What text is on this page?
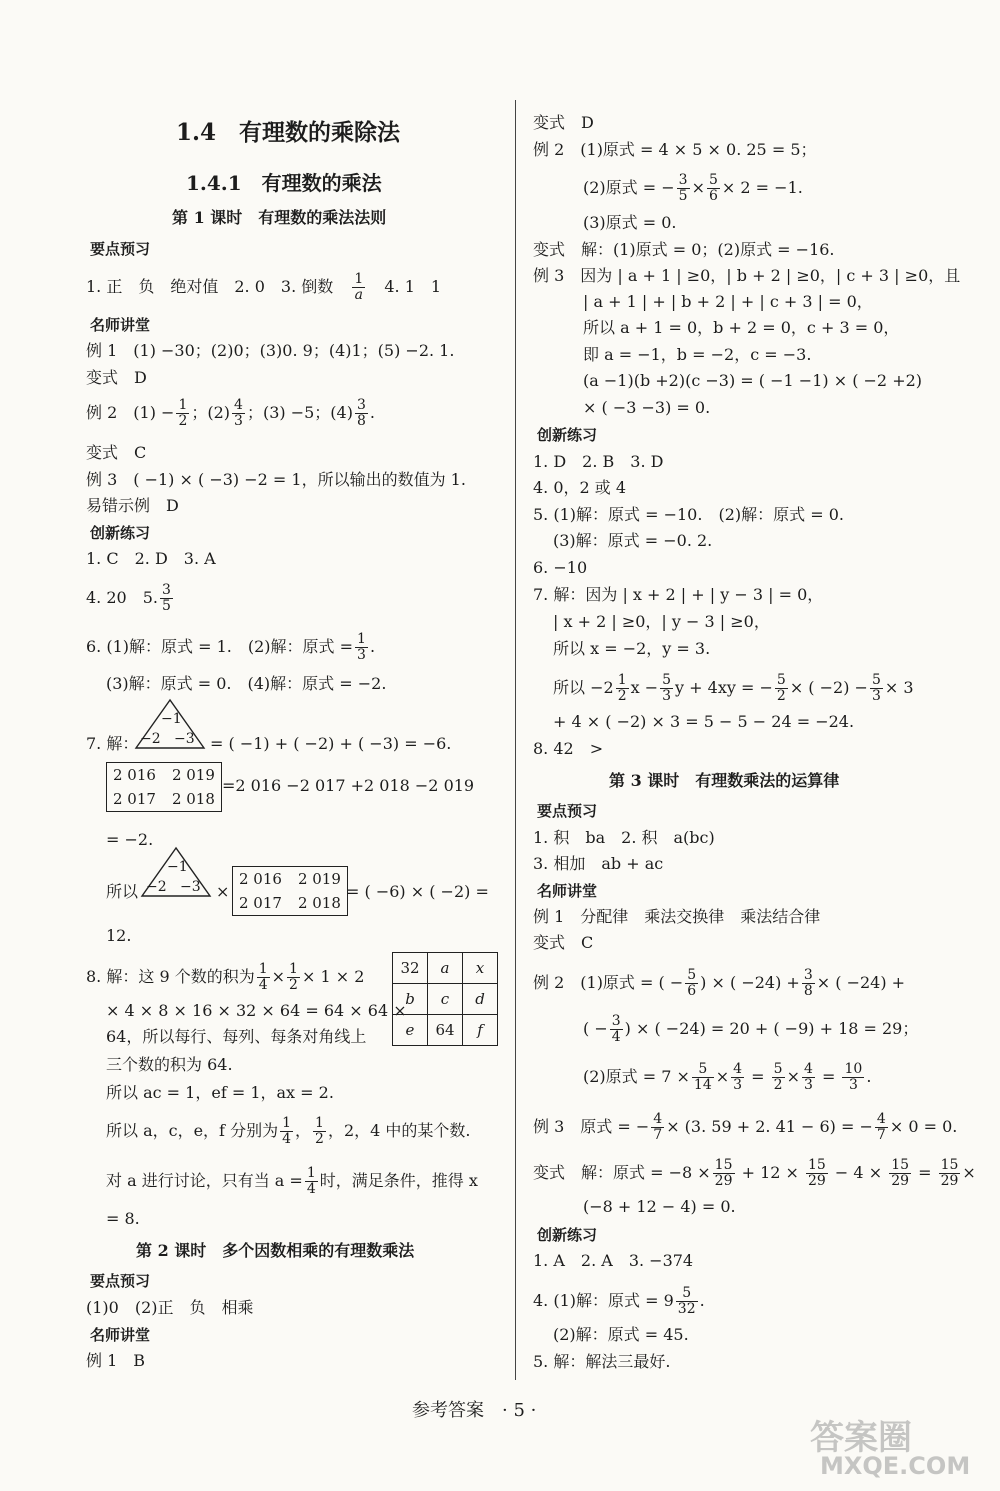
1.4　有理数的乘除法
1.4.1　有理数的乘法
第 1 课时　有理数的乘法法则
要点预习
1. 正　负　绝对值　2. 0　3. 倒数 $\frac{1}{a} 4$. 1　1
名师讲堂
例 1　(1) −30；(2)0；(3)0. 9；(4)1；(5) −2. 1.
变式　D
例 2　$(1) - \frac{1}{2}$ ；$(2) \frac{4}{3}$ ；(3) −5；$(4) \frac{3}{8}$ .
变式　C
例 3　( −1) × ( −3) −2 = 1，所以输出的数值为 1.
易错示例　D
创新练习
1. C　2. D　3. A
4. 20　5. $\frac{3}{5}$
6. (1)解：原式 = 1.　(2)解：原式 = $\frac{1}{3}$ .
(3)解：原式 = 0.　(4)解：原式 = −2.
7. 解：
−1
−2 −3 = ( −1) + ( −2) + ( −3) = −6.
2 016 2 019
2 017 2 018
=2 016 −2 017 +2 018 −2 019
= −2.
所以
−1
−2 −3 ×
2 016 2 019
2 017 2 018
= ( −6) × ( −2) =
12.
8. 解：这 9 个数的积为 $\frac{1}{4} \times \frac{1}{2} \times 1 \times 2$
× 4 × 8 × 16 × 32 × 64 = 64 × 64 ×
64，所以每行、每列、每条对角线上
三个数的积为 64.
所以 ac = 1，ef = 1，ax = 2.
所以 a，c，e，f 分别为 $\frac{1}{4}$ ， $\frac{1}{2}$ ，2，4 中的某个数.
对 a 进行讨论，只有当 $a = \frac{1}{4}$ 时，满足条件，推得 x
= 8.
32	a	x
b	c	d
e	64	f
第 2 课时　多个因数相乘的有理数乘法
要点预习
(1)0　(2)正　负　相乘
名师讲堂
例 1　B
变式　D
例 2　(1)原式 = 4 × 5 × 0. 25 = 5；
(2)原式 = − $\frac{3}{5} \times \frac{5}{6} \times 2 = -1$.
(3)原式 = 0.
变式　解：(1)原式 = 0；(2)原式 = −16.
例 3　因为 | a + 1 | ≥0，| b + 2 | ≥0，| c + 3 | ≥0，且
| a + 1 | + | b + 2 | + | c + 3 | = 0，
所以 a + 1 = 0，b + 2 = 0，c + 3 = 0，
即 a = −1，b = −2，c = −3.
(a −1)(b +2)(c −3) = ( −1 −1) × ( −2 +2)
× ( −3 −3) = 0.
创新练习
1. D　2. B　3. D
4. 0，2 或 4
5. (1)解：原式 = −10.　(2)解：原式 = 0.
(3)解：原式 = −0. 2.
6. −10
7. 解：因为 | x + 2 | + | y − 3 | = 0，
| x + 2 | ≥0，| y − 3 | ≥0，
所以 x = −2，y = 3.
所以 $-2 \frac{1}{2}$ $x - \frac{5}{3}$ y + 4xy = − $\frac{5}{2}$ × ( $-2) - \frac{5}{3} \times 3$
+ 4 × ( −2) × 3 = 5 − 5 − 24 = −24.
8. 42　>
第 3 课时　有理数乘法的运算律
要点预习
1. 积　ba　2. 积　a(bc)
3. 相加　ab + ac
名师讲堂
例 1　分配律　乘法交换律　乘法结合律
变式　C
例 2　(1)原式 = ( − $\frac{5}{6}$ ) × ( $-24) + \frac{3}{8}$ × ( −24) +
( − $\frac{3}{4}$ ) × ( −24) = 20 + ( −9) + 18 = 29；
(2)原式 = $7 \times \frac{5}{14} \times \frac{4}{3} = \frac{5}{2} \times \frac{4}{3} = \frac{10}{3}$ .
例 3　原式 = − $\frac{4}{7} \times (3$. 59 + 2. 41 − 6) = − $\frac{4}{7} \times 0 = 0$.
变式　解：原式 = $-8 \times \frac{15}{29} + 12 \times \frac{15}{29} - 4 \times \frac{15}{29} = \frac{15}{29}$ ×
(−8 + 12 − 4) = 0.
创新练习
1. A　2. A　3. −374
4. (1)解：原式 = $9 \frac{5}{32}$ .
(2)解：原式 = 45.
5. 解：解法三最好.
参考答案　· 5 ·
答案圈
MXQE.COM
